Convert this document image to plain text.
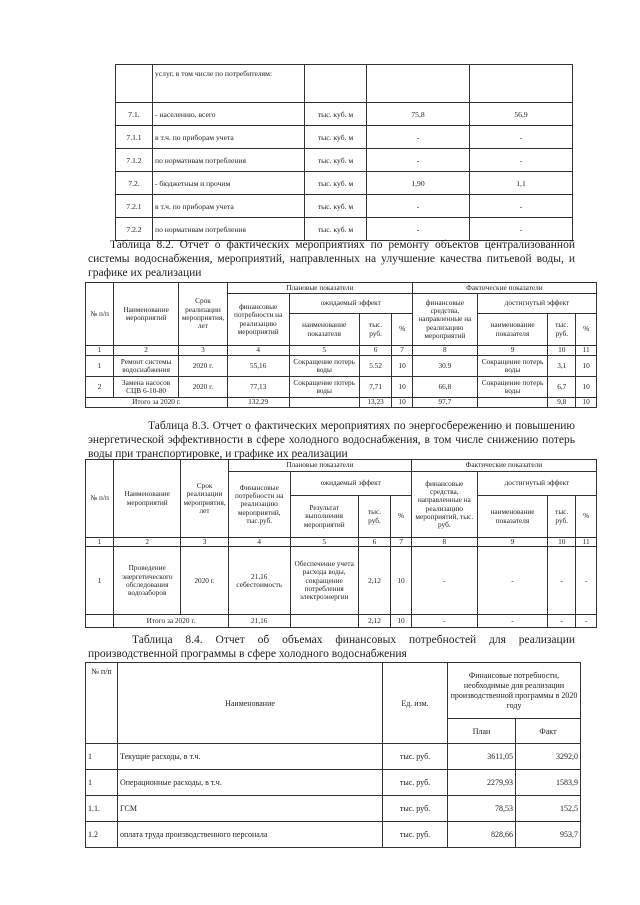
	услуг, в том числе по потребителям:			
7.1.	- населению, всего	тыс. куб. м	75,8	56,9
7.1.1	в т.ч. по приборам учета	тыс. куб. м	-	-
7.1.2	по нормативам потребления	тыс. куб. м	-	-
7.2.	- бюджетным и прочим	тыс. куб. м	1,90	1,1
7.2.1	в т.ч. по приборам учета	тыс. куб. м	-	-
7.2.2	по нормативам потребления	тыс. куб. м	-	-
Таблица 8.2. Отчет о фактических мероприятиях по ремонту объектов централизованной системы водоснабжения, мероприятий, направленных на улучшение качества питьевой воды, и графике их реализации
№ п/п	Наименование мероприятий	Срок реализации мероприятия, лет	Плановые показатели				Фактические показатели			
			финансовые потребности на реализацию мероприятий	ожидаемый эффект			финансовые средства, направленные на реализацию мероприятий	достигнутый эффект		
				наименование показателя	тыс. руб.	%		наименование показателя	тыс. руб.	%
1	2	3	4	5	6	7	8	9	10	11
1	Ремонт системы водоснабжения	2020 г.	55,16	Сокращение потерь воды	5.52	10	30.9	Сокращение потерь воды	3,1	10
2	Замена насосов СЦВ 6-10-80	2020 г.	77,13	Сокращение потерь воды	7,71	10	66,8	Сокращение потерь воды	6,7	10
Итого за 2020 г.			132,29		13,23	10	97,7		9,8	10
Таблица 8.3. Отчет о фактических мероприятиях по энергосбережению и повышению энергетической эффективности в сфере холодного водоснабжения, в том числе снижению потерь воды при транспортировке, и графике их реализации
№ п/п	Наименование мероприятий	Срок реализации мероприятия, лет	Плановые показатели				Фактические показатели			
			Финансовые потребности на реализацию мероприятий, тыс.руб.	ожидаемый эффект			финансовые средства, направленные на реализацию мероприятий, тыс. руб.	достигнутый эффект		
				Результат выполнения мероприятий	тыс. руб.	%		наименование показателя	тыс. руб.	%
1	2	3	4	5	6	7	8	9	10	11
1	Проведение энергетического обследования водозаборов	2020 г.	21,16 себестоимость	Обеспечение учета расхода воды, сокращение потребления электроэнергии	2,12	10	-	-	-	-
	Итого за 2020 г.		21,16		2,12	10	-	-	-	-
Таблица 8.4. Отчет об объемах финансовых потребностей для реализации производственной программы в сфере холодного водоснабжения
№ п/п	Наименование	Ед. изм.	Финансовые потребности, необходимые для реализации производственной программы в 2020 году	
			План	Факт
1	Текущие расходы, в т.ч.	тыс. руб.	3611,05	3292,0
1	Операционные расходы, в т.ч.	тыс. руб.	2279,93	1583,9
1.1.	ГСМ	тыс. руб.	78,53	152,5
1.2	оплата труда производственного персонала	тыс. руб.	828,66	953,7
